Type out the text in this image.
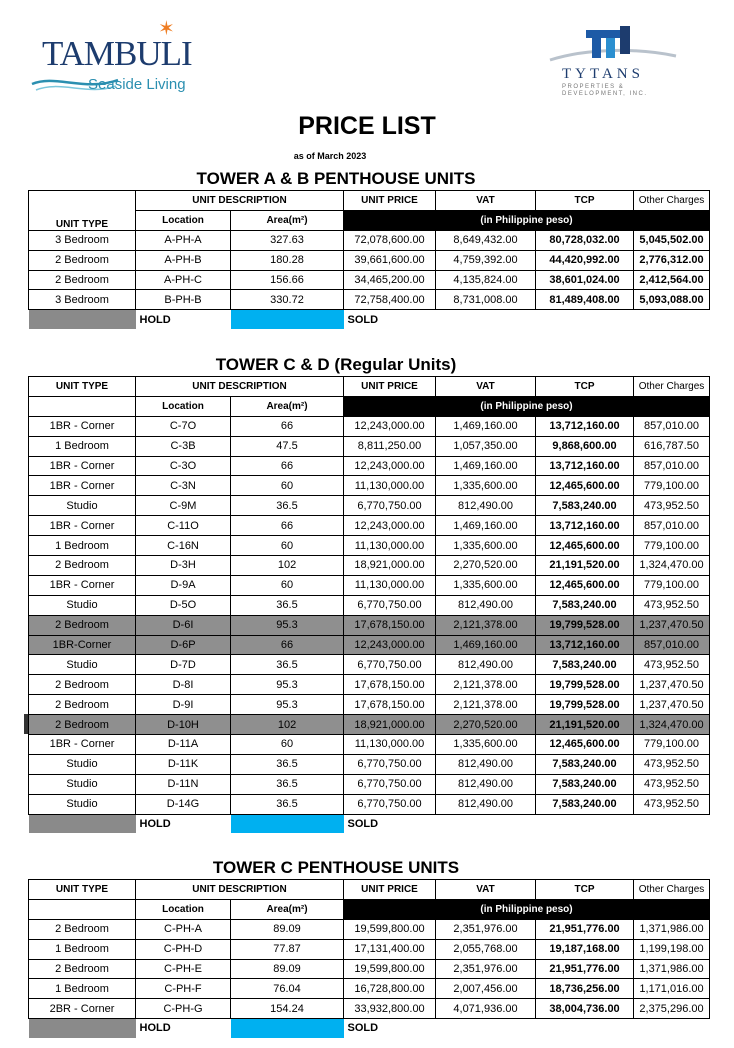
✶
TAMBULI
Seaside Living
TYTANS
PROPERTIES & DEVELOPMENT, INC.
PRICE LIST
as of March 2023
TOWER A & B PENTHOUSE UNITS
	UNIT DESCRIPTION		UNIT PRICE	VAT	TCP	Other Charges
UNIT TYPE	Location	Area(m²)	(in Philippine peso)			
3 Bedroom	A-PH-A	327.63	72,078,600.00	8,649,432.00	80,728,032.00	5,045,502.00
2 Bedroom	A-PH-B	180.28	39,661,600.00	4,759,392.00	44,420,992.00	2,776,312.00
2 Bedroom	A-PH-C	156.66	34,465,200.00	4,135,824.00	38,601,024.00	2,412,564.00
3 Bedroom	B-PH-B	330.72	72,758,400.00	8,731,008.00	81,489,408.00	5,093,088.00
	HOLD		SOLD			
TOWER C & D (Regular Units)
UNIT TYPE	UNIT DESCRIPTION		UNIT PRICE	VAT	TCP	Other Charges
	Location	Area(m²)	(in Philippine peso)			
1BR - Corner	C-7O	66	12,243,000.00	1,469,160.00	13,712,160.00	857,010.00
1 Bedroom	C-3B	47.5	8,811,250.00	1,057,350.00	9,868,600.00	616,787.50
1BR - Corner	C-3O	66	12,243,000.00	1,469,160.00	13,712,160.00	857,010.00
1BR - Corner	C-3N	60	11,130,000.00	1,335,600.00	12,465,600.00	779,100.00
Studio	C-9M	36.5	6,770,750.00	812,490.00	7,583,240.00	473,952.50
1BR - Corner	C-11O	66	12,243,000.00	1,469,160.00	13,712,160.00	857,010.00
1 Bedroom	C-16N	60	11,130,000.00	1,335,600.00	12,465,600.00	779,100.00
2 Bedroom	D-3H	102	18,921,000.00	2,270,520.00	21,191,520.00	1,324,470.00
1BR - Corner	D-9A	60	11,130,000.00	1,335,600.00	12,465,600.00	779,100.00
Studio	D-5O	36.5	6,770,750.00	812,490.00	7,583,240.00	473,952.50
2 Bedroom	D-6I	95.3	17,678,150.00	2,121,378.00	19,799,528.00	1,237,470.50
1BR-Corner	D-6P	66	12,243,000.00	1,469,160.00	13,712,160.00	857,010.00
Studio	D-7D	36.5	6,770,750.00	812,490.00	7,583,240.00	473,952.50
2 Bedroom	D-8I	95.3	17,678,150.00	2,121,378.00	19,799,528.00	1,237,470.50
2 Bedroom	D-9I	95.3	17,678,150.00	2,121,378.00	19,799,528.00	1,237,470.50
2 Bedroom	D-10H	102	18,921,000.00	2,270,520.00	21,191,520.00	1,324,470.00
1BR - Corner	D-11A	60	11,130,000.00	1,335,600.00	12,465,600.00	779,100.00
Studio	D-11K	36.5	6,770,750.00	812,490.00	7,583,240.00	473,952.50
Studio	D-11N	36.5	6,770,750.00	812,490.00	7,583,240.00	473,952.50
Studio	D-14G	36.5	6,770,750.00	812,490.00	7,583,240.00	473,952.50
	HOLD		SOLD			
TOWER C PENTHOUSE UNITS
UNIT TYPE	UNIT DESCRIPTION		UNIT PRICE	VAT	TCP	Other Charges
	Location	Area(m²)	(in Philippine peso)			
2 Bedroom	C-PH-A	89.09	19,599,800.00	2,351,976.00	21,951,776.00	1,371,986.00
1 Bedroom	C-PH-D	77.87	17,131,400.00	2,055,768.00	19,187,168.00	1,199,198.00
2 Bedroom	C-PH-E	89.09	19,599,800.00	2,351,976.00	21,951,776.00	1,371,986.00
1 Bedroom	C-PH-F	76.04	16,728,800.00	2,007,456.00	18,736,256.00	1,171,016.00
2BR - Corner	C-PH-G	154.24	33,932,800.00	4,071,936.00	38,004,736.00	2,375,296.00
	HOLD		SOLD			
